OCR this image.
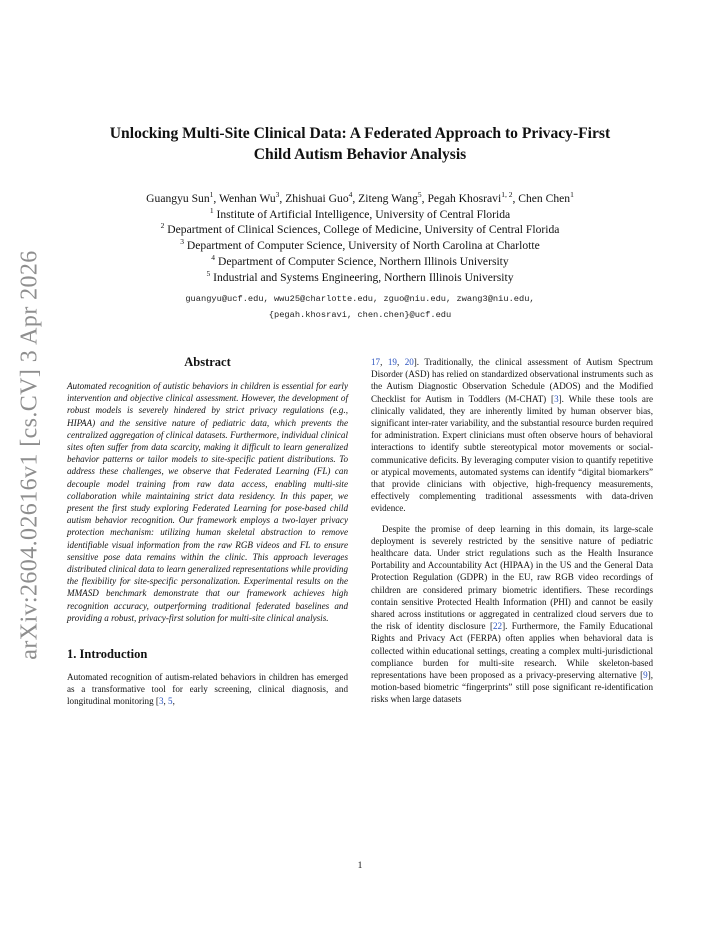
arXiv:2604.02616v1 [cs.CV] 3 Apr 2026
Unlocking Multi-Site Clinical Data: A Federated Approach to Privacy-First
Child Autism Behavior Analysis
Guangyu Sun$^1$, Wenhan Wu$^3$, Zhishuai Guo$^4$, Ziteng Wang$^5$, Pegah Khosravi$^{1, 2}$, Chen Chen$^1$
$^1$ Institute of Artificial Intelligence, University of Central Florida
$^2$ Department of Clinical Sciences, College of Medicine, University of Central Florida
$^3$ Department of Computer Science, University of North Carolina at Charlotte
$^4$ Department of Computer Science, Northern Illinois University
$^5$ Industrial and Systems Engineering, Northern Illinois University
guangyu@ucf.edu, wwu25@charlotte.edu, zguo@niu.edu, zwang3@niu.edu,
{pegah.khosravi, chen.chen}@ucf.edu
Abstract

Automated recognition of autistic behaviors in children is essential for early intervention and objective clinical assessment. However, the development of robust models is severely hindered by strict privacy regulations (e.g., HIPAA) and the sensitive nature of pediatric data, which prevents the centralized aggregation of clinical datasets. Furthermore, individual clinical sites often suffer from data scarcity, making it difficult to learn generalized behavior patterns or tailor models to site-specific patient distributions. To address these challenges, we observe that Federated Learning (FL) can decouple model training from raw data access, enabling multi-site collaboration while maintaining strict data residency. In this paper, we present the first study exploring Federated Learning for pose-based child autism behavior recognition. Our framework employs a two-layer privacy protection mechanism: utilizing human skeletal abstraction to remove identifiable visual information from the raw RGB videos and FL to ensure sensitive pose data remains within the clinic. This approach leverages distributed clinical data to learn generalized representations while providing the flexibility for site-specific personalization. Experimental results on the MMASD benchmark demonstrate that our framework achieves high recognition accuracy, outperforming traditional federated baselines and providing a robust, privacy-first solution for multi-site clinical analysis.

1. Introduction

Automated recognition of autism-related behaviors in children has emerged as a transformative tool for early screening, clinical diagnosis, and longitudinal monitoring [3, 5,

17, 19, 20]. Traditionally, the clinical assessment of Autism Spectrum Disorder (ASD) has relied on standardized observational instruments such as the Autism Diagnostic Observation Schedule (ADOS) and the Modified Checklist for Autism in Toddlers (M-CHAT) [3]. While these tools are clinically validated, they are inherently limited by human observer bias, significant inter-rater variability, and the substantial resource burden required for administration. Expert clinicians must often observe hours of behavioral interactions to identify subtle stereotypical motor movements or social-communicative deficits. By leveraging computer vision to quantify repetitive or atypical movements, automated systems can identify “digital biomarkers” that provide clinicians with objective, high-frequency measurements, effectively complementing traditional assessments with data-driven evidence.

Despite the promise of deep learning in this domain, its large-scale deployment is severely restricted by the sensitive nature of pediatric healthcare data. Under strict regulations such as the Health Insurance Portability and Accountability Act (HIPAA) in the US and the General Data Protection Regulation (GDPR) in the EU, raw RGB video recordings of children are considered primary biometric identifiers. These recordings contain sensitive Protected Health Information (PHI) and cannot be easily shared across institutions or aggregated in centralized cloud servers due to the risk of identity disclosure [22]. Furthermore, the Family Educational Rights and Privacy Act (FERPA) often applies when behavioral data is collected within educational settings, creating a complex multi-jurisdictional compliance burden for multi-site research. While skeleton-based representations have been proposed as a privacy-preserving alternative [9], motion-based biometric “fingerprints” still pose significant re-identification risks when large datasets

1
